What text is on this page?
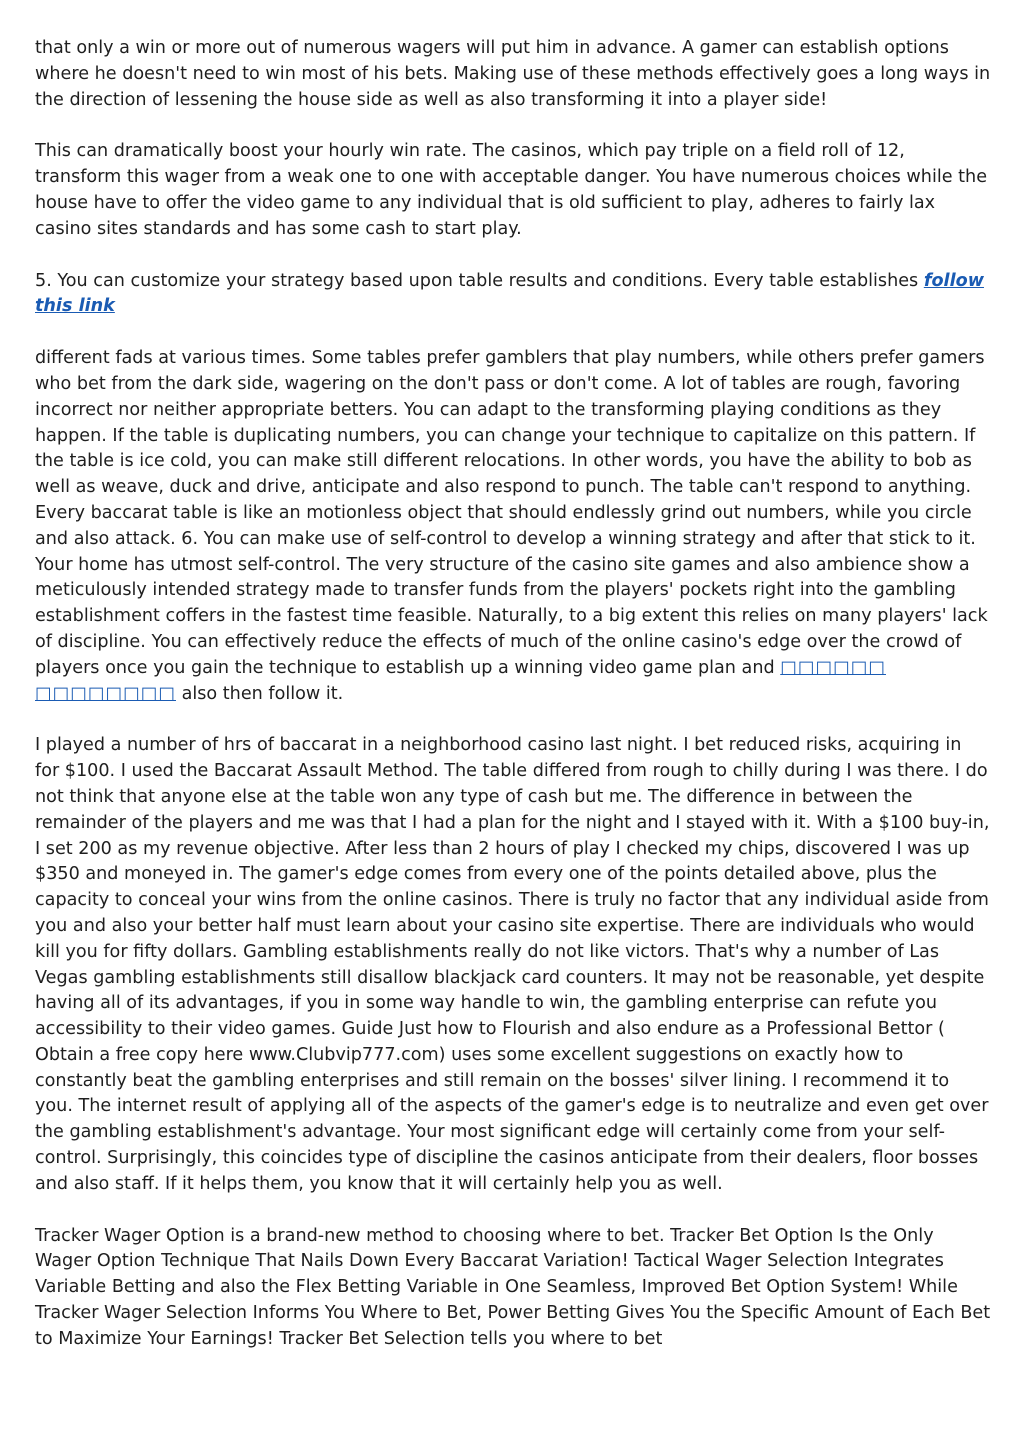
that only a win or more out of numerous wagers will put him in advance. A gamer can establish options where he doesn't need to win most of his bets. Making use of these methods effectively goes a long ways in the direction of lessening the house side as well as also transforming it into a player side!

This can dramatically boost your hourly win rate. The casinos, which pay triple on a field roll of 12, transform this wager from a weak one to one with acceptable danger. You have numerous choices while the house have to offer the video game to any individual that is old sufficient to play, adheres to fairly lax casino sites standards and has some cash to start play.

5. You can customize your strategy based upon table results and conditions. Every table establishes follow this link

different fads at various times. Some tables prefer gamblers that play numbers, while others prefer gamers who bet from the dark side, wagering on the don't pass or don't come. A lot of tables are rough, favoring incorrect nor neither appropriate betters. You can adapt to the transforming playing conditions as they happen. If the table is duplicating numbers, you can change your technique to capitalize on this pattern. If the table is ice cold, you can make still different relocations. In other words, you have the ability to bob as well as weave, duck and drive, anticipate and also respond to punch. The table can't respond to anything. Every baccarat table is like an motionless object that should endlessly grind out numbers, while you circle and also attack. 6. You can make use of self-control to develop a winning strategy and after that stick to it. Your home has utmost self-control. The very structure of the casino site games and also ambience show a meticulously intended strategy made to transfer funds from the players' pockets right into the gambling establishment coffers in the fastest time feasible. Naturally, to a big extent this relies on many players' lack of discipline. You can effectively reduce the effects of much of the online casino's edge over the crowd of players once you gain the technique to establish up a winning video game plan and □□□□□□ □□□□□□□□ also then follow it.

I played a number of hrs of baccarat in a neighborhood casino last night. I bet reduced risks, acquiring in for $100. I used the Baccarat Assault Method. The table differed from rough to chilly during I was there. I do not think that anyone else at the table won any type of cash but me. The difference in between the remainder of the players and me was that I had a plan for the night and I stayed with it. With a $100 buy-in, I set 200 as my revenue objective. After less than 2 hours of play I checked my chips, discovered I was up $350 and moneyed in. The gamer's edge comes from every one of the points detailed above, plus the capacity to conceal your wins from the online casinos. There is truly no factor that any individual aside from you and also your better half must learn about your casino site expertise. There are individuals who would kill you for fifty dollars. Gambling establishments really do not like victors. That's why a number of Las Vegas gambling establishments still disallow blackjack card counters. It may not be reasonable, yet despite having all of its advantages, if you in some way handle to win, the gambling enterprise can refute you accessibility to their video games. Guide Just how to Flourish and also endure as a Professional Bettor ( Obtain a free copy here www.Clubvip777.com) uses some excellent suggestions on exactly how to constantly beat the gambling enterprises and still remain on the bosses' silver lining. I recommend it to you. The internet result of applying all of the aspects of the gamer's edge is to neutralize and even get over the gambling establishment's advantage. Your most significant edge will certainly come from your self-control. Surprisingly, this coincides type of discipline the casinos anticipate from their dealers, floor bosses and also staff. If it helps them, you know that it will certainly help you as well.

Tracker Wager Option is a brand-new method to choosing where to bet. Tracker Bet Option Is the Only Wager Option Technique That Nails Down Every Baccarat Variation! Tactical Wager Selection Integrates Variable Betting and also the Flex Betting Variable in One Seamless, Improved Bet Option System! While Tracker Wager Selection Informs You Where to Bet, Power Betting Gives You the Specific Amount of Each Bet to Maximize Your Earnings! Tracker Bet Selection tells you where to bet
